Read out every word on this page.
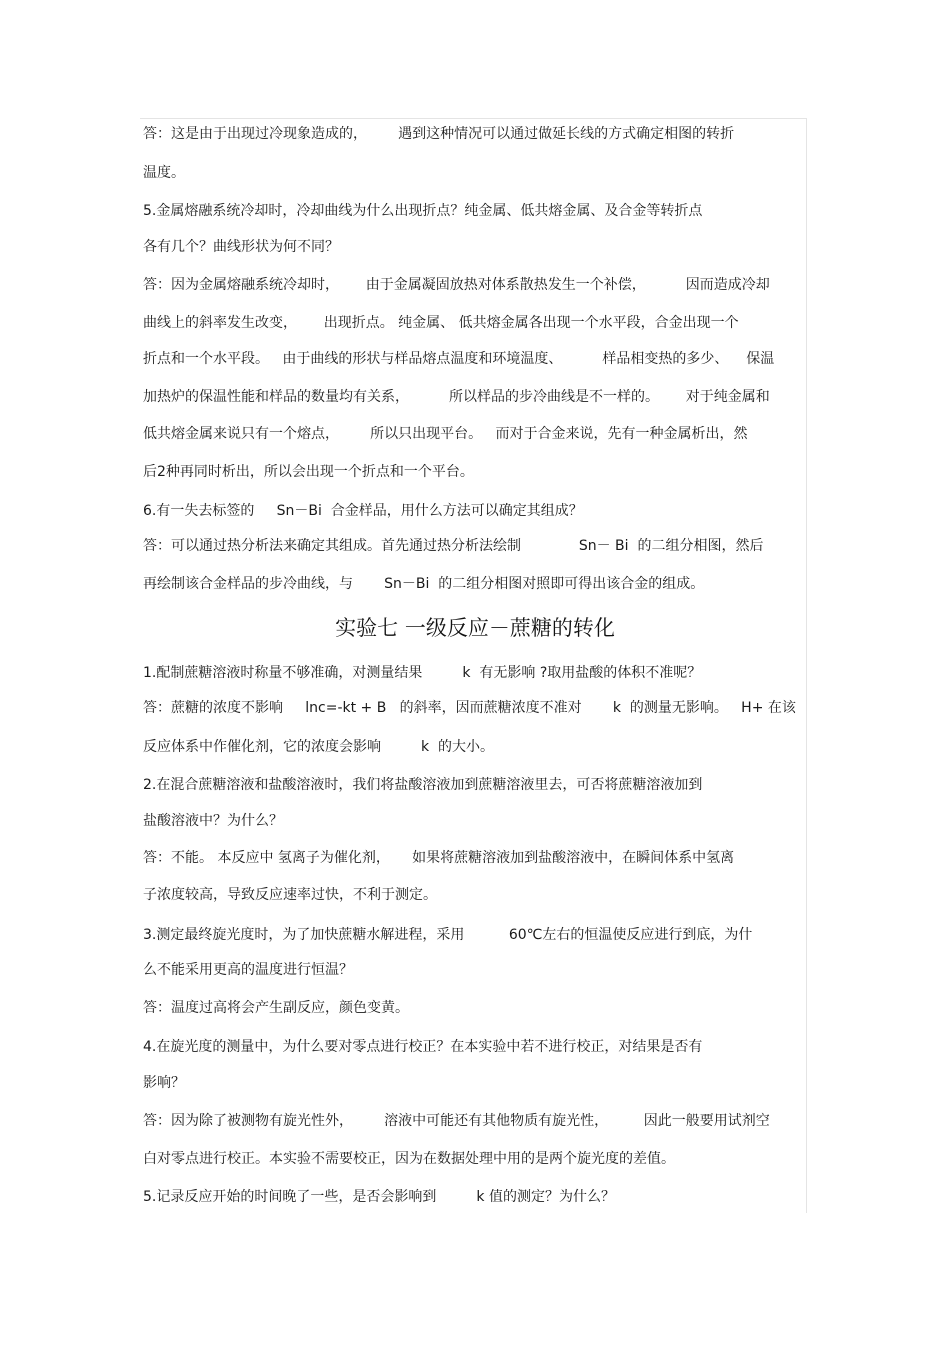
答：这是由于出现过冷现象造成的，       遇到这种情况可以通过做延长线的方式确定相图的转折
温度。
5.金属熔融系统冷却时，冷却曲线为什么出现折点？纯金属、低共熔金属、及合金等转折点
各有几个？曲线形状为何不同？
答：因为金属熔融系统冷却时，      由于金属凝固放热对体系散热发生一个补偿，         因而造成冷却
曲线上的斜率发生改变，      出现折点。 纯金属、 低共熔金属各出现一个水平段，合金出现一个
折点和一个水平段。   由于曲线的形状与样品熔点温度和环境温度、         样品相变热的多少、    保温
加热炉的保温性能和样品的数量均有关系，         所以样品的步冷曲线是不一样的。      对于纯金属和
低共熔金属来说只有一个熔点，       所以只出现平台。   而对于合金来说，先有一种金属析出，然
后2种再同时析出，所以会出现一个折点和一个平台。
6.有一失去标签的     Sn－Bi  合金样品，用什么方法可以确定其组成？
答：可以通过热分析法来确定其组成。首先通过热分析法绘制             Sn－ Bi  的二组分相图，然后
再绘制该合金样品的步冷曲线，与       Sn－Bi  的二组分相图对照即可得出该合金的组成。
实验七 一级反应－蔗糖的转化
1.配制蔗糖溶液时称量不够准确，对测量结果         k  有无影响 ?取用盐酸的体积不准呢？
答：蔗糖的浓度不影响     lnc=-kt + B   的斜率，因而蔗糖浓度不准对       k  的测量无影响。   H+ 在该
反应体系中作催化剂，它的浓度会影响         k  的大小。
2.在混合蔗糖溶液和盐酸溶液时，我们将盐酸溶液加到蔗糖溶液里去，可否将蔗糖溶液加到
盐酸溶液中？为什么？
答：不能。 本反应中 氢离子为催化剂，     如果将蔗糖溶液加到盐酸溶液中，在瞬间体系中氢离
子浓度较高，导致反应速率过快，不利于测定。
3.测定最终旋光度时，为了加快蔗糖水解进程，采用          60℃左右的恒温使反应进行到底，为什
么不能采用更高的温度进行恒温？
答：温度过高将会产生副反应，颜色变黄。
4.在旋光度的测量中，为什么要对零点进行校正？在本实验中若不进行校正，对结果是否有
影响？
答：因为除了被测物有旋光性外，       溶液中可能还有其他物质有旋光性，        因此一般要用试剂空
白对零点进行校正。本实验不需要校正，因为在数据处理中用的是两个旋光度的差值。
5.记录反应开始的时间晚了一些，是否会影响到         k 值的测定？为什么？
